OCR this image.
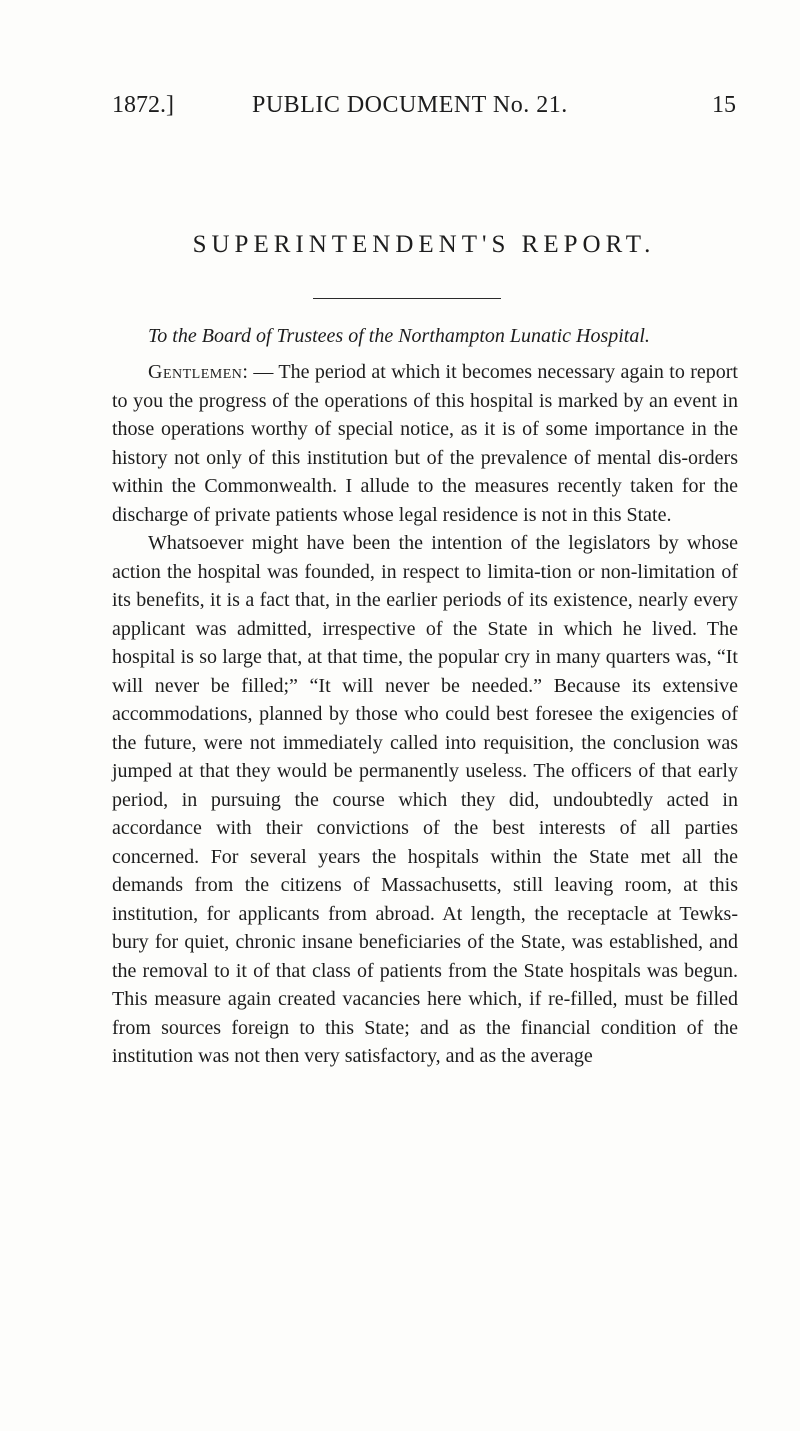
1872.]	PUBLIC DOCUMENT No. 21.	15
SUPERINTENDENT'S REPORT.
To the Board of Trustees of the Northampton Lunatic Hospital.

Gentlemen: — The period at which it becomes necessary again to report to you the progress of the operations of this hospital is marked by an event in those operations worthy of special notice, as it is of some importance in the history not only of this institution but of the prevalence of mental dis-orders within the Commonwealth. I allude to the measures recently taken for the discharge of private patients whose legal residence is not in this State.

Whatsoever might have been the intention of the legislators by whose action the hospital was founded, in respect to limita-tion or non-limitation of its benefits, it is a fact that, in the earlier periods of its existence, nearly every applicant was admitted, irrespective of the State in which he lived. The hospital is so large that, at that time, the popular cry in many quarters was, “It will never be filled;” “It will never be needed.” Because its extensive accommodations, planned by those who could best foresee the exigencies of the future, were not immediately called into requisition, the conclusion was jumped at that they would be permanently useless. The officers of that early period, in pursuing the course which they did, undoubtedly acted in accordance with their convictions of the best interests of all parties concerned. For several years the hospitals within the State met all the demands from the citizens of Massachusetts, still leaving room, at this institution, for applicants from abroad. At length, the receptacle at Tewks-bury for quiet, chronic insane beneficiaries of the State, was established, and the removal to it of that class of patients from the State hospitals was begun. This measure again created vacancies here which, if re-filled, must be filled from sources foreign to this State; and as the financial condition of the institution was not then very satisfactory, and as the average
